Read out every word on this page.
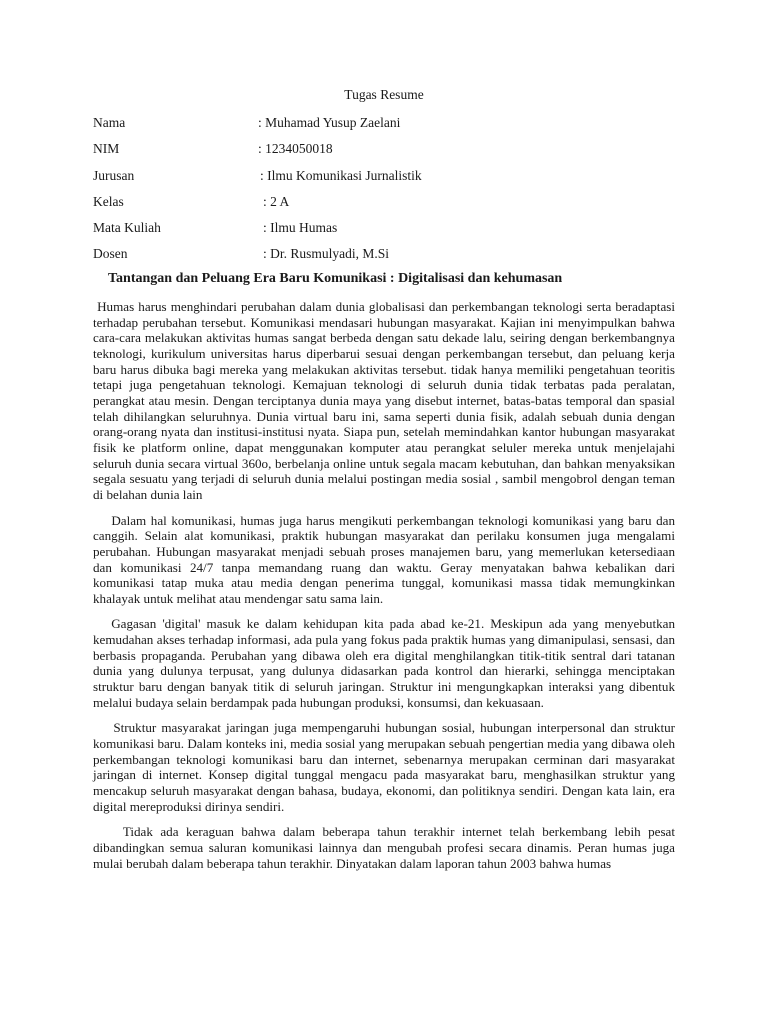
Tugas Resume
Nama	: Muhamad Yusup Zaelani
NIM	: 1234050018
Jurusan	: Ilmu Komunikasi Jurnalistik
Kelas	: 2 A
Mata Kuliah	: Ilmu Humas
Dosen	: Dr. Rusmulyadi, M.Si
Tantangan dan Peluang Era Baru Komunikasi : Digitalisasi dan kehumasan

Humas harus menghindari perubahan dalam dunia globalisasi dan perkembangan teknologi serta beradaptasi terhadap perubahan tersebut. Komunikasi mendasari hubungan masyarakat. Kajian ini menyimpulkan bahwa cara-cara melakukan aktivitas humas sangat berbeda dengan satu dekade lalu, seiring dengan berkembangnya teknologi, kurikulum universitas harus diperbarui sesuai dengan perkembangan tersebut, dan peluang kerja baru harus dibuka bagi mereka yang melakukan aktivitas tersebut. tidak hanya memiliki pengetahuan teoritis tetapi juga pengetahuan teknologi. Kemajuan teknologi di seluruh dunia tidak terbatas pada peralatan, perangkat atau mesin. Dengan terciptanya dunia maya yang disebut internet, batas-batas temporal dan spasial telah dihilangkan seluruhnya. Dunia virtual baru ini, sama seperti dunia fisik, adalah sebuah dunia dengan orang-orang nyata dan institusi-institusi nyata. Siapa pun, setelah memindahkan kantor hubungan masyarakat fisik ke platform online, dapat menggunakan komputer atau perangkat seluler mereka untuk menjelajahi seluruh dunia secara virtual 360o, berbelanja online untuk segala macam kebutuhan, dan bahkan menyaksikan segala sesuatu yang terjadi di seluruh dunia melalui postingan media sosial , sambil mengobrol dengan teman di belahan dunia lain

Dalam hal komunikasi, humas juga harus mengikuti perkembangan teknologi komunikasi yang baru dan canggih. Selain alat komunikasi, praktik hubungan masyarakat dan perilaku konsumen juga mengalami perubahan. Hubungan masyarakat menjadi sebuah proses manajemen baru, yang memerlukan ketersediaan dan komunikasi 24/7 tanpa memandang ruang dan waktu. Geray menyatakan bahwa kebalikan dari komunikasi tatap muka atau media dengan penerima tunggal, komunikasi massa tidak memungkinkan khalayak untuk melihat atau mendengar satu sama lain.

Gagasan 'digital' masuk ke dalam kehidupan kita pada abad ke-21. Meskipun ada yang menyebutkan kemudahan akses terhadap informasi, ada pula yang fokus pada praktik humas yang dimanipulasi, sensasi, dan berbasis propaganda. Perubahan yang dibawa oleh era digital menghilangkan titik-titik sentral dari tatanan dunia yang dulunya terpusat, yang dulunya didasarkan pada kontrol dan hierarki, sehingga menciptakan struktur baru dengan banyak titik di seluruh jaringan. Struktur ini mengungkapkan interaksi yang dibentuk melalui budaya selain berdampak pada hubungan produksi, konsumsi, dan kekuasaan.

Struktur masyarakat jaringan juga mempengaruhi hubungan sosial, hubungan interpersonal dan struktur komunikasi baru. Dalam konteks ini, media sosial yang merupakan sebuah pengertian media yang dibawa oleh perkembangan teknologi komunikasi baru dan internet, sebenarnya merupakan cerminan dari masyarakat jaringan di internet. Konsep digital tunggal mengacu pada masyarakat baru, menghasilkan struktur yang mencakup seluruh masyarakat dengan bahasa, budaya, ekonomi, dan politiknya sendiri. Dengan kata lain, era digital mereproduksi dirinya sendiri.

Tidak ada keraguan bahwa dalam beberapa tahun terakhir internet telah berkembang lebih pesat dibandingkan semua saluran komunikasi lainnya dan mengubah profesi secara dinamis. Peran humas juga mulai berubah dalam beberapa tahun terakhir. Dinyatakan dalam laporan tahun 2003 bahwa humas
